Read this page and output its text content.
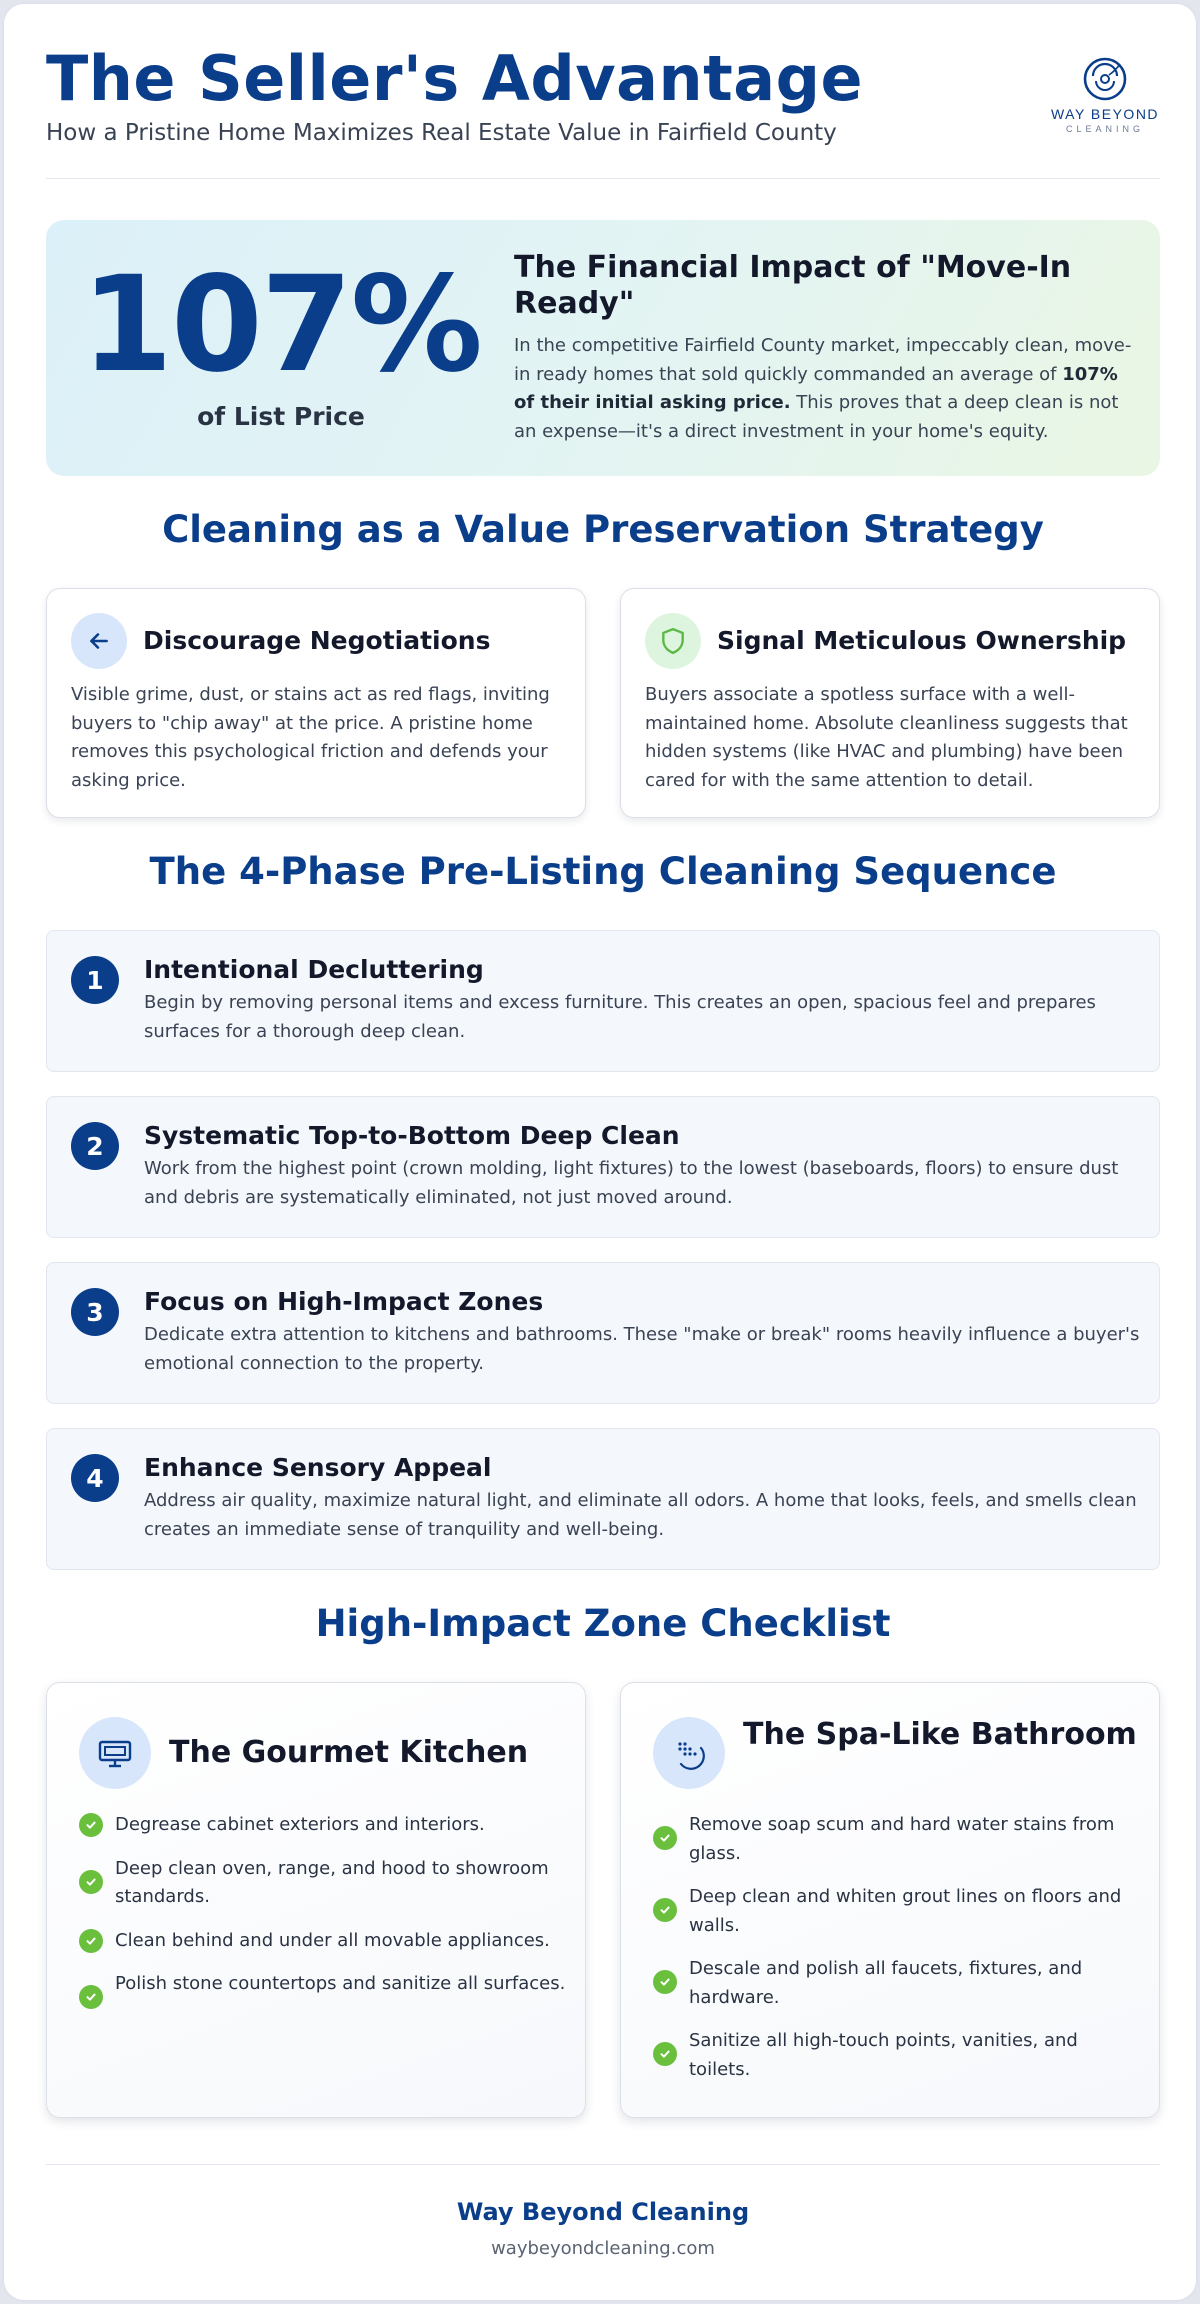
The Seller's Advantage
How a Pristine Home Maximizes Real Estate Value in Fairfield County
WAY BEYOND
CLEANING
107%
of List Price
The Financial Impact of "Move-In Ready"

In the competitive Fairfield County market, impeccably clean, move-in ready homes that sold quickly commanded an average of 107% of their initial asking price. This proves that a deep clean is not an expense—it's a direct investment in your home's equity.

Cleaning as a Value Preservation Strategy
Discourage Negotiations
Visible grime, dust, or stains act as red flags, inviting buyers to "chip away" at the price. A pristine home removes this psychological friction and defends your asking price.
Signal Meticulous Ownership
Buyers associate a spotless surface with a well-maintained home. Absolute cleanliness suggests that hidden systems (like HVAC and plumbing) have been cared for with the same attention to detail.
The 4-Phase Pre-Listing Cleaning Sequence
1	Intentional Decluttering
Begin by removing personal items and excess furniture. This creates an open, spacious feel and prepares surfaces for a thorough deep clean.
2	Systematic Top-to-Bottom Deep Clean
Work from the highest point (crown molding, light fixtures) to the lowest (baseboards, floors) to ensure dust and debris are systematically eliminated, not just moved around.
3	Focus on High-Impact Zones
Dedicate extra attention to kitchens and bathrooms. These "make or break" rooms heavily influence a buyer's emotional connection to the property.
4	Enhance Sensory Appeal
Address air quality, maximize natural light, and eliminate all odors. A home that looks, feels, and smells clean creates an immediate sense of tranquility and well-being.
High-Impact Zone Checklist
The Gourmet Kitchen
Degrease cabinet exteriors and interiors.
Deep clean oven, range, and hood to showroom standards.
Clean behind and under all movable appliances.
Polish stone countertops and sanitize all surfaces.
The Spa-Like Bathroom
Remove soap scum and hard water stains from glass.
Deep clean and whiten grout lines on floors and walls.
Descale and polish all faucets, fixtures, and hardware.
Sanitize all high-touch points, vanities, and toilets.
Way Beyond Cleaning
waybeyondcleaning.com
